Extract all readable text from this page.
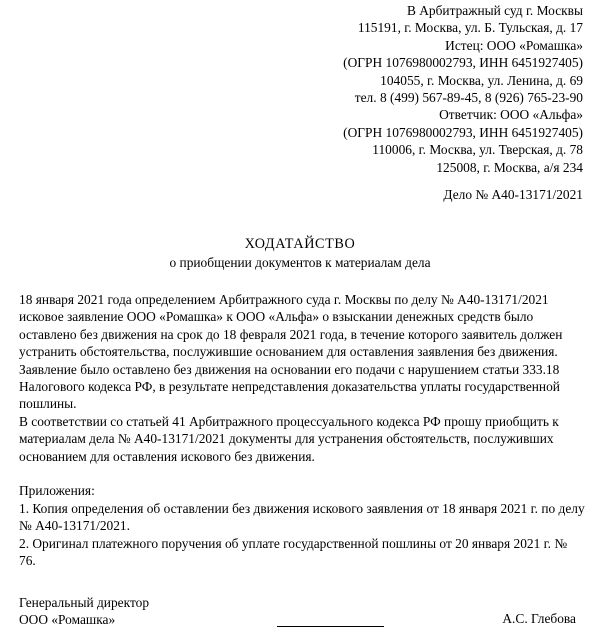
В Арбитражный суд г. Москвы
115191, г. Москва, ул. Б. Тульская, д. 17
Истец: ООО «Ромашка»
(ОГРН 1076980002793, ИНН 6451927405)
104055, г. Москва, ул. Ленина, д. 69
тел. 8 (499) 567-89-45, 8 (926) 765-23-90
Ответчик: ООО «Альфа»
(ОГРН 1076980002793, ИНН 6451927405)
110006, г. Москва, ул. Тверская, д. 78
125008, г. Москва, а/я 234
Дело № А40-13171/2021
ХОДАТАЙСТВО
о приобщении документов к материалам дела

18 января 2021 года определением Арбитражного суда г. Москвы по делу № А40-13171/2021 исковое заявление ООО «Ромашка» к ООО «Альфа» о взыскании денежных средств было оставлено без движения на срок до 18 февраля 2021 года, в течение которого заявитель должен устранить обстоятельства, послужившие основанием для оставления заявления без движения.

Заявление было оставлено без движения на основании его подачи с нарушением статьи 333.18 Налогового кодекса РФ, в результате непредставления доказательства уплаты государственной пошлины.

В соответствии со статьей 41 Арбитражного процессуального кодекса РФ прошу приобщить к материалам дела № А40-13171/2021 документы для устранения обстоятельств, послуживших основанием для оставления искового без движения.

Приложения:

1. Копия определения об оставлении без движения искового заявления от 18 января 2021 г. по делу № А40-13171/2021.

2. Оригинал платежного поручения об уплате государственной пошлины от 20 января 2021 г. № 76.

Генеральный директор
ООО «Ромашка»	А.С. Глебова
